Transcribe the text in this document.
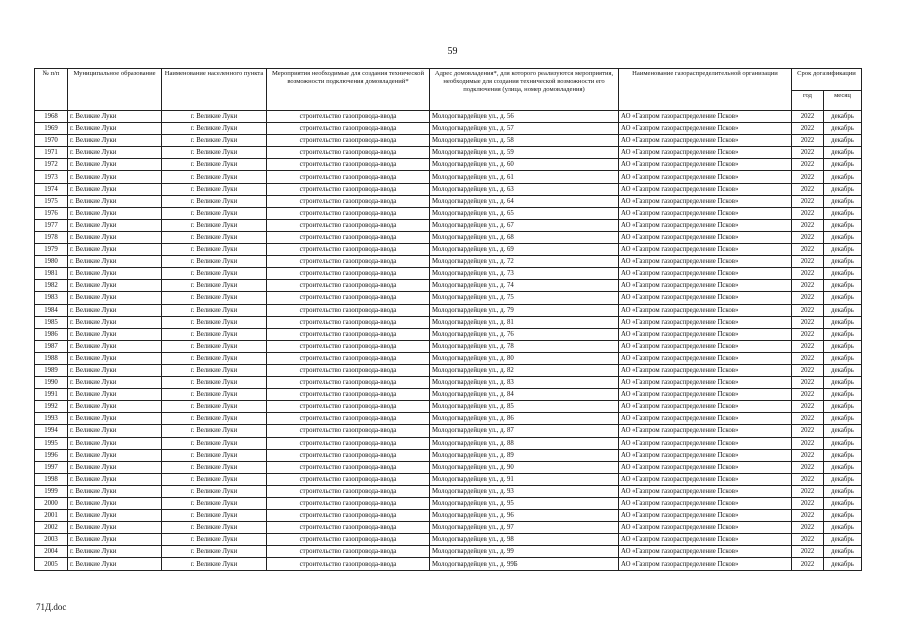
59
№ п/п	Муниципальное образование	Наименование населенного пункта	Мероприятия необходимые для создания технической возможности подключения домовладений*	Адрес домовладения*, для которого реализуются мероприятия, необходимые для создания технической возможности его подключения (улица, номер домовладения)	Наименование газораспределительной организации	Срок догазификации	
						год	месяц
1968	г. Великие Луки	г. Великие Луки	строительство газопровода-ввода	Молодогвардейцев ул., д. 56	АО «Газпром газораспределение Псков»	2022	декабрь
1969	г. Великие Луки	г. Великие Луки	строительство газопровода-ввода	Молодогвардейцев ул., д. 57	АО «Газпром газораспределение Псков»	2022	декабрь
1970	г. Великие Луки	г. Великие Луки	строительство газопровода-ввода	Молодогвардейцев ул., д. 58	АО «Газпром газораспределение Псков»	2022	декабрь
1971	г. Великие Луки	г. Великие Луки	строительство газопровода-ввода	Молодогвардейцев ул., д. 59	АО «Газпром газораспределение Псков»	2022	декабрь
1972	г. Великие Луки	г. Великие Луки	строительство газопровода-ввода	Молодогвардейцев ул., д. 60	АО «Газпром газораспределение Псков»	2022	декабрь
1973	г. Великие Луки	г. Великие Луки	строительство газопровода-ввода	Молодогвардейцев ул., д. 61	АО «Газпром газораспределение Псков»	2022	декабрь
1974	г. Великие Луки	г. Великие Луки	строительство газопровода-ввода	Молодогвардейцев ул., д. 63	АО «Газпром газораспределение Псков»	2022	декабрь
1975	г. Великие Луки	г. Великие Луки	строительство газопровода-ввода	Молодогвардейцев ул., д. 64	АО «Газпром газораспределение Псков»	2022	декабрь
1976	г. Великие Луки	г. Великие Луки	строительство газопровода-ввода	Молодогвардейцев ул., д. 65	АО «Газпром газораспределение Псков»	2022	декабрь
1977	г. Великие Луки	г. Великие Луки	строительство газопровода-ввода	Молодогвардейцев ул., д. 67	АО «Газпром газораспределение Псков»	2022	декабрь
1978	г. Великие Луки	г. Великие Луки	строительство газопровода-ввода	Молодогвардейцев ул., д. 68	АО «Газпром газораспределение Псков»	2022	декабрь
1979	г. Великие Луки	г. Великие Луки	строительство газопровода-ввода	Молодогвардейцев ул., д. 69	АО «Газпром газораспределение Псков»	2022	декабрь
1980	г. Великие Луки	г. Великие Луки	строительство газопровода-ввода	Молодогвардейцев ул., д. 72	АО «Газпром газораспределение Псков»	2022	декабрь
1981	г. Великие Луки	г. Великие Луки	строительство газопровода-ввода	Молодогвардейцев ул., д. 73	АО «Газпром газораспределение Псков»	2022	декабрь
1982	г. Великие Луки	г. Великие Луки	строительство газопровода-ввода	Молодогвардейцев ул., д. 74	АО «Газпром газораспределение Псков»	2022	декабрь
1983	г. Великие Луки	г. Великие Луки	строительство газопровода-ввода	Молодогвардейцев ул., д. 75	АО «Газпром газораспределение Псков»	2022	декабрь
1984	г. Великие Луки	г. Великие Луки	строительство газопровода-ввода	Молодогвардейцев ул., д. 79	АО «Газпром газораспределение Псков»	2022	декабрь
1985	г. Великие Луки	г. Великие Луки	строительство газопровода-ввода	Молодогвардейцев ул., д. 81	АО «Газпром газораспределение Псков»	2022	декабрь
1986	г. Великие Луки	г. Великие Луки	строительство газопровода-ввода	Молодогвардейцев ул., д. 76	АО «Газпром газораспределение Псков»	2022	декабрь
1987	г. Великие Луки	г. Великие Луки	строительство газопровода-ввода	Молодогвардейцев ул., д. 78	АО «Газпром газораспределение Псков»	2022	декабрь
1988	г. Великие Луки	г. Великие Луки	строительство газопровода-ввода	Молодогвардейцев ул., д. 80	АО «Газпром газораспределение Псков»	2022	декабрь
1989	г. Великие Луки	г. Великие Луки	строительство газопровода-ввода	Молодогвардейцев ул., д. 82	АО «Газпром газораспределение Псков»	2022	декабрь
1990	г. Великие Луки	г. Великие Луки	строительство газопровода-ввода	Молодогвардейцев ул., д. 83	АО «Газпром газораспределение Псков»	2022	декабрь
1991	г. Великие Луки	г. Великие Луки	строительство газопровода-ввода	Молодогвардейцев ул., д. 84	АО «Газпром газораспределение Псков»	2022	декабрь
1992	г. Великие Луки	г. Великие Луки	строительство газопровода-ввода	Молодогвардейцев ул., д. 85	АО «Газпром газораспределение Псков»	2022	декабрь
1993	г. Великие Луки	г. Великие Луки	строительство газопровода-ввода	Молодогвардейцев ул., д. 86	АО «Газпром газораспределение Псков»	2022	декабрь
1994	г. Великие Луки	г. Великие Луки	строительство газопровода-ввода	Молодогвардейцев ул., д. 87	АО «Газпром газораспределение Псков»	2022	декабрь
1995	г. Великие Луки	г. Великие Луки	строительство газопровода-ввода	Молодогвардейцев ул., д. 88	АО «Газпром газораспределение Псков»	2022	декабрь
1996	г. Великие Луки	г. Великие Луки	строительство газопровода-ввода	Молодогвардейцев ул., д. 89	АО «Газпром газораспределение Псков»	2022	декабрь
1997	г. Великие Луки	г. Великие Луки	строительство газопровода-ввода	Молодогвардейцев ул., д. 90	АО «Газпром газораспределение Псков»	2022	декабрь
1998	г. Великие Луки	г. Великие Луки	строительство газопровода-ввода	Молодогвардейцев ул., д. 91	АО «Газпром газораспределение Псков»	2022	декабрь
1999	г. Великие Луки	г. Великие Луки	строительство газопровода-ввода	Молодогвардейцев ул., д. 93	АО «Газпром газораспределение Псков»	2022	декабрь
2000	г. Великие Луки	г. Великие Луки	строительство газопровода-ввода	Молодогвардейцев ул., д. 95	АО «Газпром газораспределение Псков»	2022	декабрь
2001	г. Великие Луки	г. Великие Луки	строительство газопровода-ввода	Молодогвардейцев ул., д. 96	АО «Газпром газораспределение Псков»	2022	декабрь
2002	г. Великие Луки	г. Великие Луки	строительство газопровода-ввода	Молодогвардейцев ул., д. 97	АО «Газпром газораспределение Псков»	2022	декабрь
2003	г. Великие Луки	г. Великие Луки	строительство газопровода-ввода	Молодогвардейцев ул., д. 98	АО «Газпром газораспределение Псков»	2022	декабрь
2004	г. Великие Луки	г. Великие Луки	строительство газопровода-ввода	Молодогвардейцев ул., д. 99	АО «Газпром газораспределение Псков»	2022	декабрь
2005	г. Великие Луки	г. Великие Луки	строительство газопровода-ввода	Молодогвардейцев ул., д. 99Б	АО «Газпром газораспределение Псков»	2022	декабрь
71Д.doc
